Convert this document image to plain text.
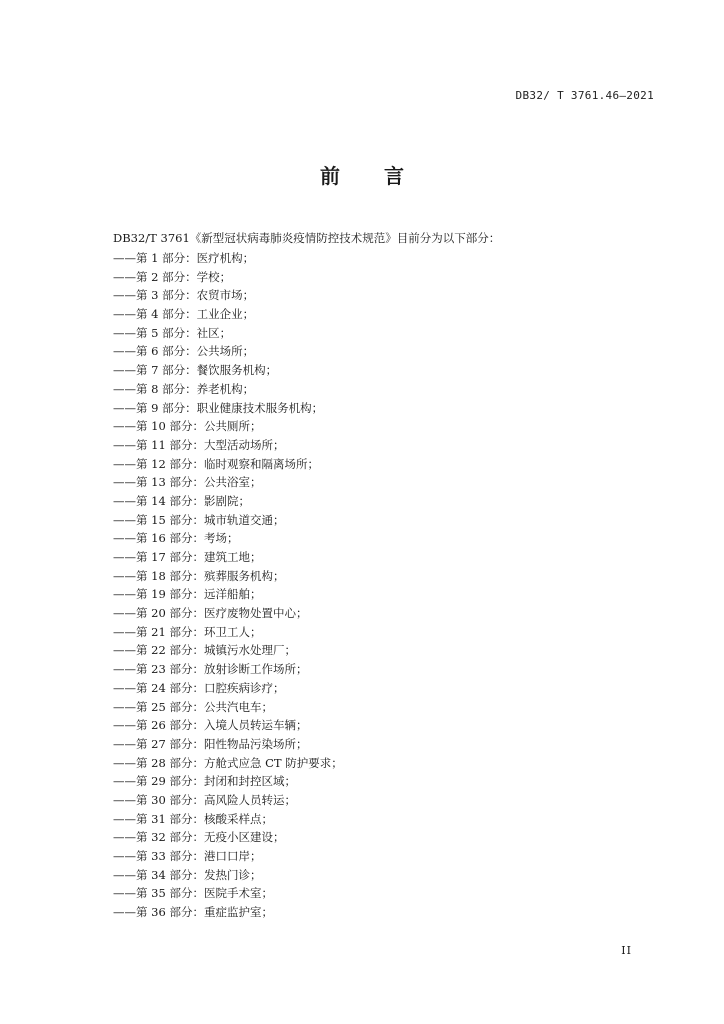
DB32/ T 3761.46—2021
前 言
DB32/T 3761《新型冠状病毒肺炎疫情防控技术规范》目前分为以下部分：
——第 1 部分：医疗机构；
——第 2 部分：学校；
——第 3 部分：农贸市场；
——第 4 部分：工业企业；
——第 5 部分：社区；
——第 6 部分：公共场所；
——第 7 部分：餐饮服务机构；
——第 8 部分：养老机构；
——第 9 部分：职业健康技术服务机构；
——第 10 部分：公共厕所；
——第 11 部分：大型活动场所；
——第 12 部分：临时观察和隔离场所；
——第 13 部分：公共浴室；
——第 14 部分：影剧院；
——第 15 部分：城市轨道交通；
——第 16 部分：考场；
——第 17 部分：建筑工地；
——第 18 部分：殡葬服务机构；
——第 19 部分：远洋船舶；
——第 20 部分：医疗废物处置中心；
——第 21 部分：环卫工人；
——第 22 部分：城镇污水处理厂；
——第 23 部分：放射诊断工作场所；
——第 24 部分：口腔疾病诊疗；
——第 25 部分：公共汽电车；
——第 26 部分：入境人员转运车辆；
——第 27 部分：阳性物品污染场所；
——第 28 部分：方舱式应急 CT 防护要求；
——第 29 部分：封闭和封控区域；
——第 30 部分：高风险人员转运；
——第 31 部分：核酸采样点；
——第 32 部分：无疫小区建设；
——第 33 部分：港口口岸；
——第 34 部分：发热门诊；
——第 35 部分：医院手术室；
——第 36 部分：重症监护室；
II
